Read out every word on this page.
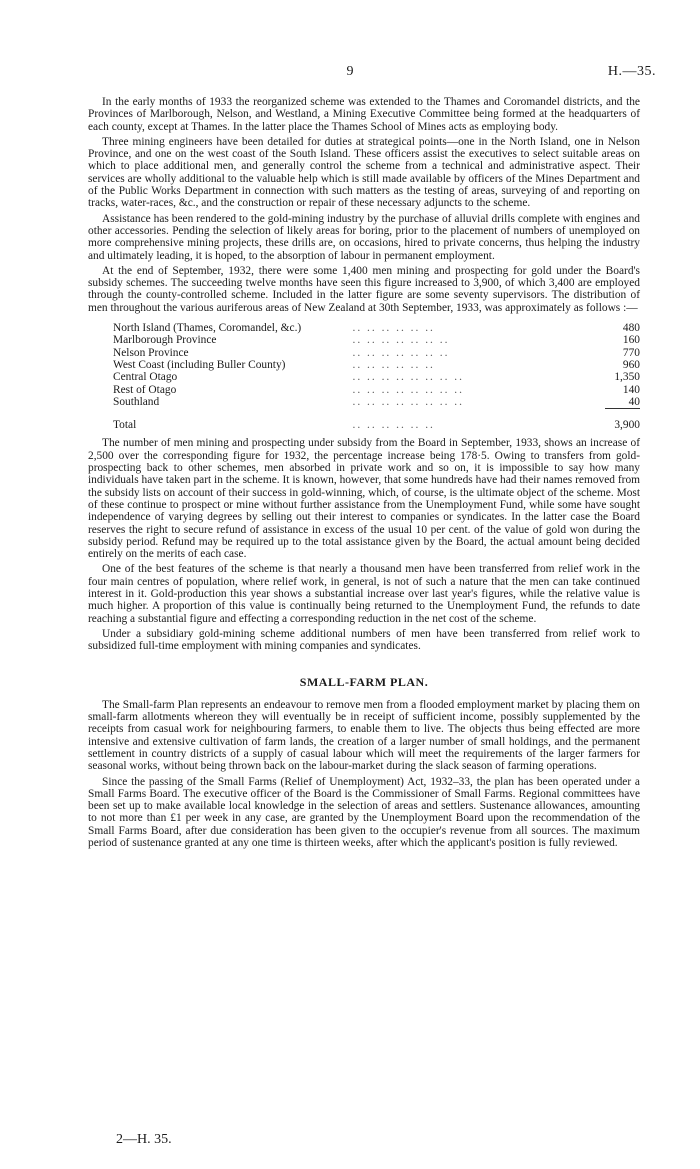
9	H.—35.

In the early months of 1933 the reorganized scheme was extended to the Thames and Coromandel districts, and the Provinces of Marlborough, Nelson, and Westland, a Mining Executive Committee being formed at the headquarters of each county, except at Thames. In the latter place the Thames School of Mines acts as employing body.

Three mining engineers have been detailed for duties at strategical points—one in the North Island, one in Nelson Province, and one on the west coast of the South Island. These officers assist the executives to select suitable areas on which to place additional men, and generally control the scheme from a technical and administrative aspect. Their services are wholly additional to the valuable help which is still made available by officers of the Mines Department and of the Public Works Department in connection with such matters as the testing of areas, surveying of and reporting on tracks, water-races, &c., and the construction or repair of these necessary adjuncts to the scheme.

Assistance has been rendered to the gold-mining industry by the purchase of alluvial drills complete with engines and other accessories. Pending the selection of likely areas for boring, prior to the placement of numbers of unemployed on more comprehensive mining projects, these drills are, on occasions, hired to private concerns, thus helping the industry and ultimately leading, it is hoped, to the absorption of labour in permanent employment.

At the end of September, 1932, there were some 1,400 men mining and prospecting for gold under the Board's subsidy schemes. The succeeding twelve months have seen this figure increased to 3,900, of which 3,400 are employed through the county-controlled scheme. Included in the latter figure are some seventy supervisors. The distribution of men throughout the various auriferous areas of New Zealand at 30th September, 1933, was approximately as follows :—

North Island (Thames, Coromandel, &c.)	.. .. .. .. .. ..	480
Marlborough Province	.. .. .. .. .. .. ..	160
Nelson Province	.. .. .. .. .. .. ..	770
West Coast (including Buller County)	.. .. .. .. .. ..	960
Central Otago	.. .. .. .. .. .. .. ..	1,350
Rest of Otago	.. .. .. .. .. .. .. ..	140
Southland	.. .. .. .. .. .. .. ..	40
Total	.. .. .. .. .. ..	3,900

The number of men mining and prospecting under subsidy from the Board in September, 1933, shows an increase of 2,500 over the corresponding figure for 1932, the percentage increase being 178·5. Owing to transfers from gold-prospecting back to other schemes, men absorbed in private work and so on, it is impossible to say how many individuals have taken part in the scheme. It is known, however, that some hundreds have had their names removed from the subsidy lists on account of their success in gold-winning, which, of course, is the ultimate object of the scheme. Most of these continue to prospect or mine without further assistance from the Unemployment Fund, while some have sought independence of varying degrees by selling out their interest to companies or syndicates. In the latter case the Board reserves the right to secure refund of assistance in excess of the usual 10 per cent. of the value of gold won during the subsidy period. Refund may be required up to the total assistance given by the Board, the actual amount being decided entirely on the merits of each case.

One of the best features of the scheme is that nearly a thousand men have been transferred from relief work in the four main centres of population, where relief work, in general, is not of such a nature that the men can take continued interest in it. Gold-production this year shows a substantial increase over last year's figures, while the relative value is much higher. A proportion of this value is continually being returned to the Unemployment Fund, the refunds to date reaching a substantial figure and effecting a corresponding reduction in the net cost of the scheme.

Under a subsidiary gold-mining scheme additional numbers of men have been transferred from relief work to subsidized full-time employment with mining companies and syndicates.

SMALL-FARM PLAN.

The Small-farm Plan represents an endeavour to remove men from a flooded employment market by placing them on small-farm allotments whereon they will eventually be in receipt of sufficient income, possibly supplemented by the receipts from casual work for neighbouring farmers, to enable them to live. The objects thus being effected are more intensive and extensive cultivation of farm lands, the creation of a larger number of small holdings, and the permanent settlement in country districts of a supply of casual labour which will meet the requirements of the larger farmers for seasonal works, without being thrown back on the labour-market during the slack season of farming operations.

Since the passing of the Small Farms (Relief of Unemployment) Act, 1932–33, the plan has been operated under a Small Farms Board. The executive officer of the Board is the Commissioner of Small Farms. Regional committees have been set up to make available local knowledge in the selection of areas and settlers. Sustenance allowances, amounting to not more than £1 per week in any case, are granted by the Unemployment Board upon the recommendation of the Small Farms Board, after due consideration has been given to the occupier's revenue from all sources. The maximum period of sustenance granted at any one time is thirteen weeks, after which the applicant's position is fully reviewed.

2—H. 35.
